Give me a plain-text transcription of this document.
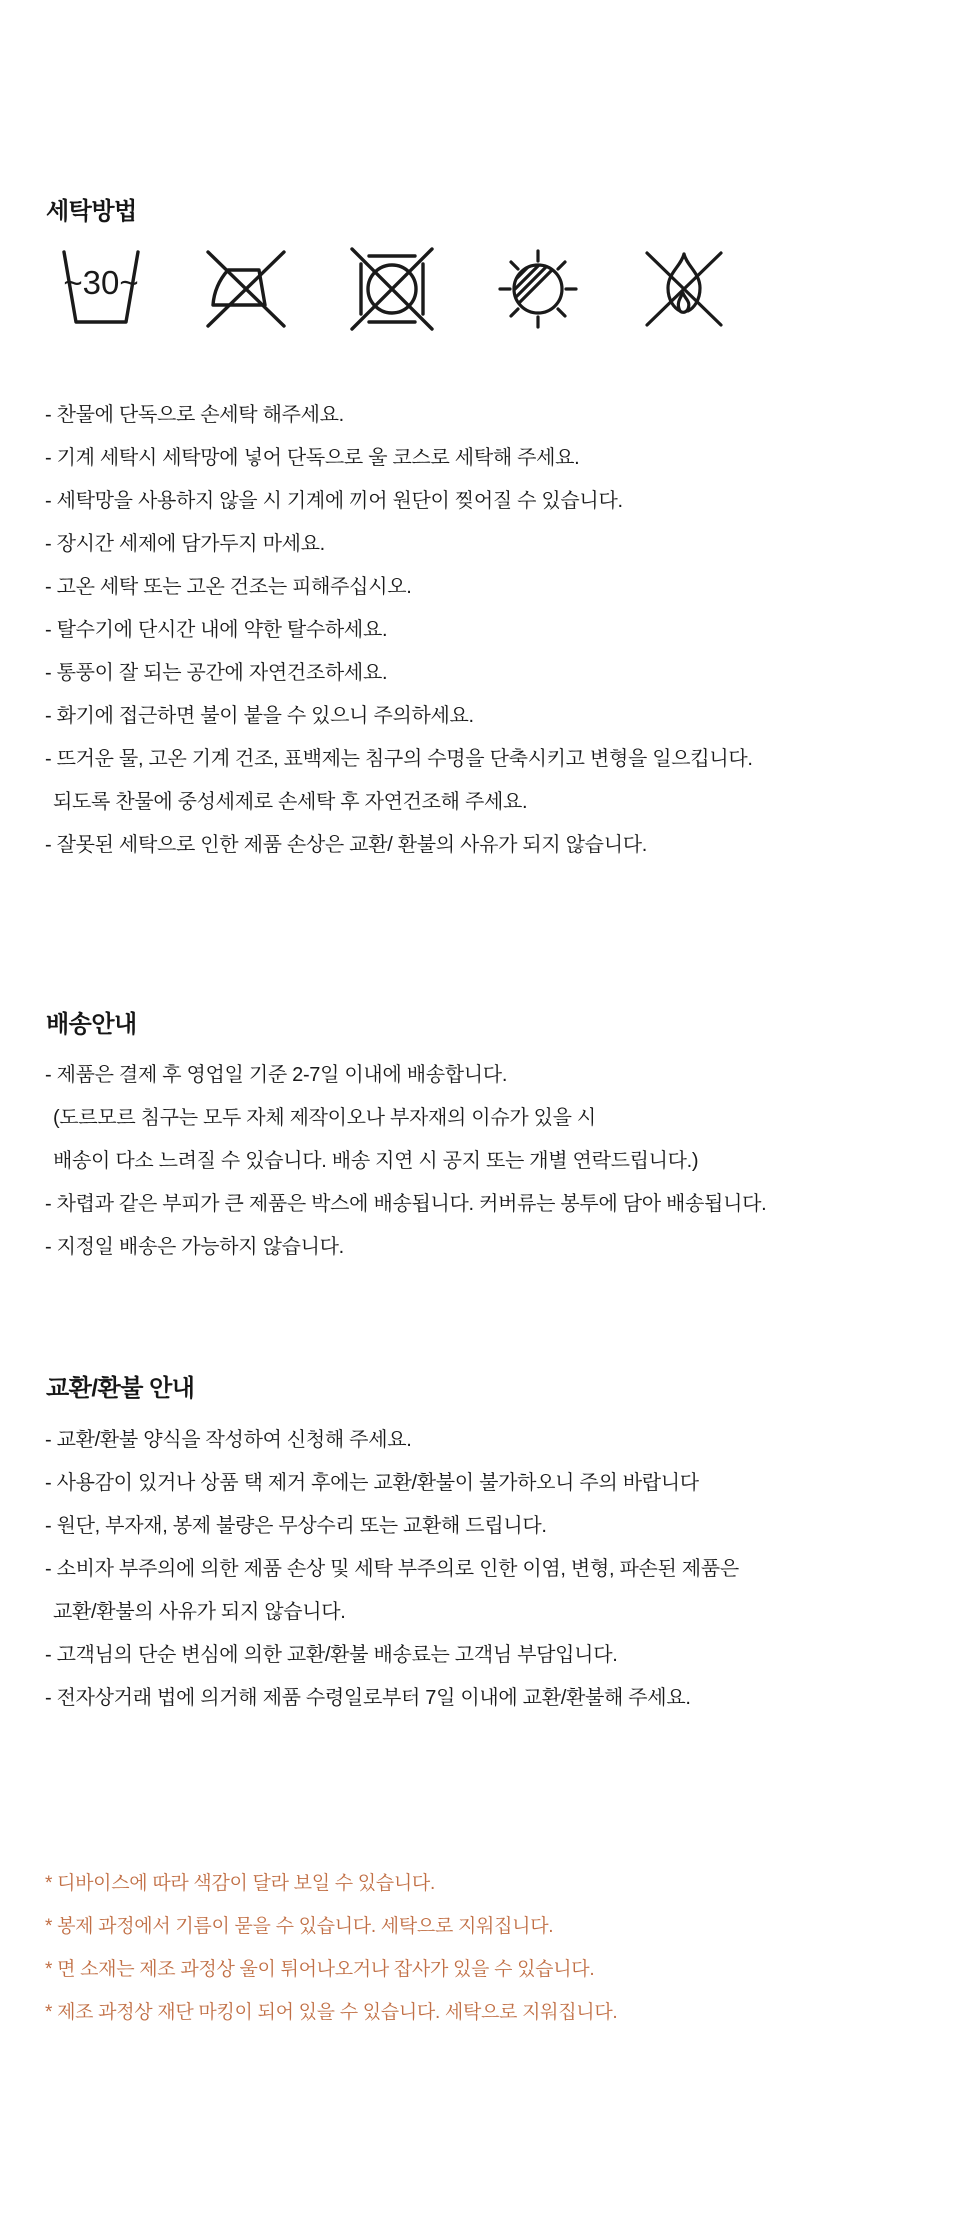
세탁방법
~30~
- 찬물에 단독으로 손세탁 해주세요.
- 기계 세탁시 세탁망에 넣어 단독으로 울 코스로 세탁해 주세요.
- 세탁망을 사용하지 않을 시 기계에 끼어 원단이 찢어질 수 있습니다.
- 장시간 세제에 담가두지 마세요.
- 고온 세탁 또는 고온 건조는 피해주십시오.
- 탈수기에 단시간 내에 약한 탈수하세요.
- 통풍이 잘 되는 공간에 자연건조하세요.
- 화기에 접근하면 불이 붙을 수 있으니 주의하세요.
- 뜨거운 물, 고온 기계 건조, 표백제는 침구의 수명을 단축시키고 변형을 일으킵니다.
되도록 찬물에 중성세제로 손세탁 후 자연건조해 주세요.
- 잘못된 세탁으로 인한 제품 손상은 교환/ 환불의 사유가 되지 않습니다.
배송안내
- 제품은 결제 후 영업일 기준 2-7일 이내에 배송합니다.
(도르모르 침구는 모두 자체 제작이오나 부자재의 이슈가 있을 시
배송이 다소 느려질 수 있습니다. 배송 지연 시 공지 또는 개별 연락드립니다.)
- 차렵과 같은 부피가 큰 제품은 박스에 배송됩니다. 커버류는 봉투에 담아 배송됩니다.
- 지정일 배송은 가능하지 않습니다.
교환/환불 안내
- 교환/환불 양식을 작성하여 신청해 주세요.
- 사용감이 있거나 상품 택 제거 후에는 교환/환불이 불가하오니 주의 바랍니다
- 원단, 부자재, 봉제 불량은 무상수리 또는 교환해 드립니다.
- 소비자 부주의에 의한 제품 손상 및 세탁 부주의로 인한 이염, 변형, 파손된 제품은
교환/환불의 사유가 되지 않습니다.
- 고객님의 단순 변심에 의한 교환/환불 배송료는 고객님 부담입니다.
- 전자상거래 법에 의거해 제품 수령일로부터 7일 이내에 교환/환불해 주세요.
* 디바이스에 따라 색감이 달라 보일 수 있습니다.
* 봉제 과정에서 기름이 묻을 수 있습니다. 세탁으로 지워집니다.
* 면 소재는 제조 과정상 울이 튀어나오거나 잡사가 있을 수 있습니다.
* 제조 과정상 재단 마킹이 되어 있을 수 있습니다. 세탁으로 지워집니다.
